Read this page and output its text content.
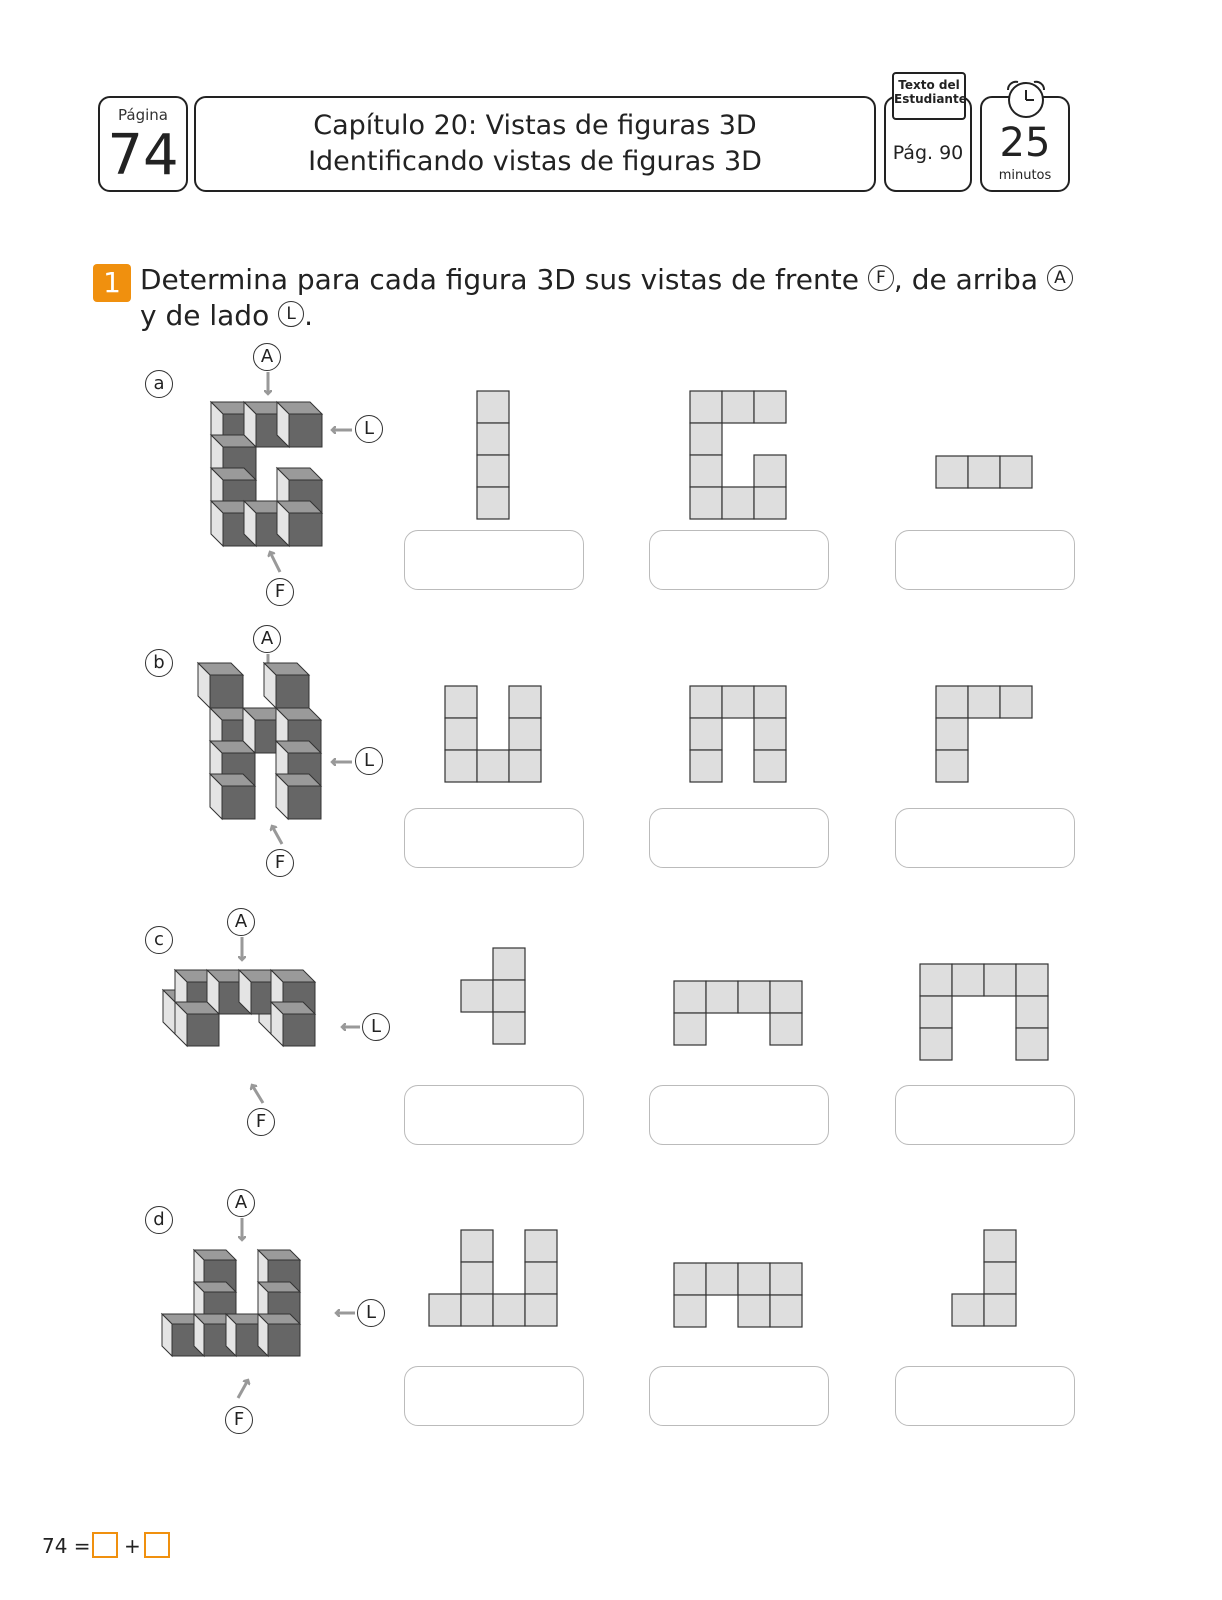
Página
74	Capítulo 20: Vistas de figuras 3D
Identificando vistas de figuras 3D
Texto del Estudiante
Pág. 90 25
minutos
1 Determina para cada figura 3D sus vistas de frente F , de arriba A y de lado L .
a
b
c
d
A
L
F
A
L
F
A
L
F
A
L
F
74 = +
